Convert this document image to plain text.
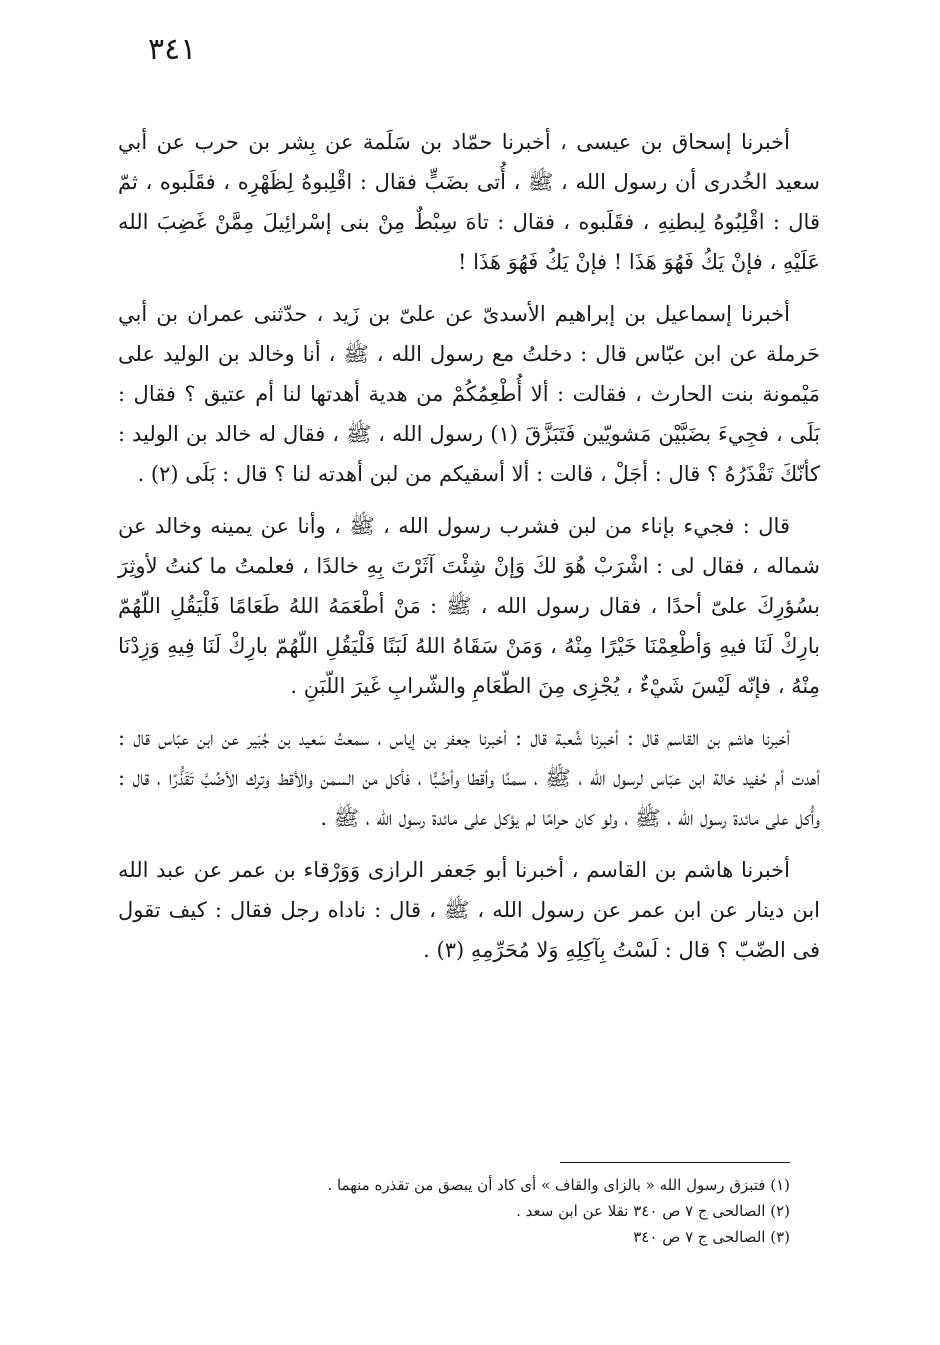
٣٤١

أخبرنا إسحاق بن عيسى ، أخبرنا حمّاد بن سَلَمة عن بِشر بن حرب عن أبي سعيد الخُدرى أن رسول الله ، ﷺ ، أُتى بضَبٍّ فقال : اقْلِبوهُ لِظَهْرِه ، فقَلَبوه ، ثمّ قال : اقْلِبُوهُ لِبطنِهِ ، فقَلَبوه ، فقال : تاهَ سِبْطٌ مِنْ بنى إسْرائِيلَ مِمَّنْ غَضِبَ الله عَلَيْهِ ، فإنْ يَكُ فَهُوَ هَذَا ! فإنْ يَكُ فَهُوَ هَذَا !

أخبرنا إسماعيل بن إبراهيم الأسدىّ عن علىّ بن زَيد ، حدّثنى عمران بن أبي حَرملة عن ابن عبّاس قال : دخلتُ مع رسول الله ، ﷺ ، أنا وخالد بن الوليد على مَيْمونة بنت الحارث ، فقالت : ألا أُطْعِمُكُمْ من هدية أهدتها لنا أم عتيق ؟ فقال : بَلَى ، فجِيءَ بضَبَّيْن مَشويّين فَتَبَزَّقَ (١) رسول الله ، ﷺ ، فقال له خالد بن الوليد : كأنّكَ تَقْذَرُهُ ؟ قال : أجَلْ ، قالت : ألا أسقيكم من لبن أهدته لنا ؟ قال : بَلَى (٢) .

قال : فجيء بإناء من لبن فشرب رسول الله ، ﷺ ، وأنا عن يمينه وخالد عن شماله ، فقال لى : اشْرَبْ هُوَ لكَ وَإنْ شِئْتَ آثَرْتَ بِهِ خالدًا ، فعلمتُ ما كنتُ لأوثِرَ بسُؤرِكَ علىّ أحدًا ، فقال رسول الله ، ﷺ : مَنْ أطْعَمَهُ اللهُ طَعَامًا فَلْيَقُلِ اللّهُمّ بارِكْ لَنَا فيهِ وَأطْعِمْنَا خَيْرًا مِنْهُ ، وَمَنْ سَقَاهُ اللهُ لَبَنًا فَلْيَقُلِ اللّهُمّ بارِكْ لَنَا فِيهِ وَزِدْنَا مِنْهُ ، فإنّه لَيْسَ شَيْءٌ ، يُجْزِى مِنَ الطّعَامِ والشّرابِ غَيرَ اللّبَنِ .

أخبرنا هاشم بن القاسم قال : أخبرنا شُعبة قال : أخبرنا جعفر بن إياس ، سمعتُ سَعيد بن جُبَير عن ابن عبّاس قال : أهدت أم حُفيد خالة ابن عبّاس لرسول الله ، ﷺ ، سمنًا وأقطا وأضُبًّا ، فأكل من السمن والأقط وترك الأضُبَّ تَقَذُّرًا ، قال : وأُكل على مائدة رسول الله ، ﷺ ، ولو كان حرامًا لم يؤكل على مائدة رسول الله ، ﷺ .

أخبرنا هاشم بن القاسم ، أخبرنا أبو جَعفر الرازى وَوَرْقاء بن عمر عن عبد الله ابن دينار عن ابن عمر عن رسول الله ، ﷺ ، قال : ناداه رجل فقال : كيف تقول فى الضّبّ ؟ قال : لَسْتُ بِآكِلِهِ وَلا مُحَرِّمِهِ (٣) .

(١) فتبزق رسول الله « بالزاى والقاف » أى كاد أن يبصق من تقذره منهما .

(٢) الصالحى ج ٧ ص ٣٤٠ نقلا عن ابن سعد .

(٣) الصالحى ج ٧ ص ٣٤٠
